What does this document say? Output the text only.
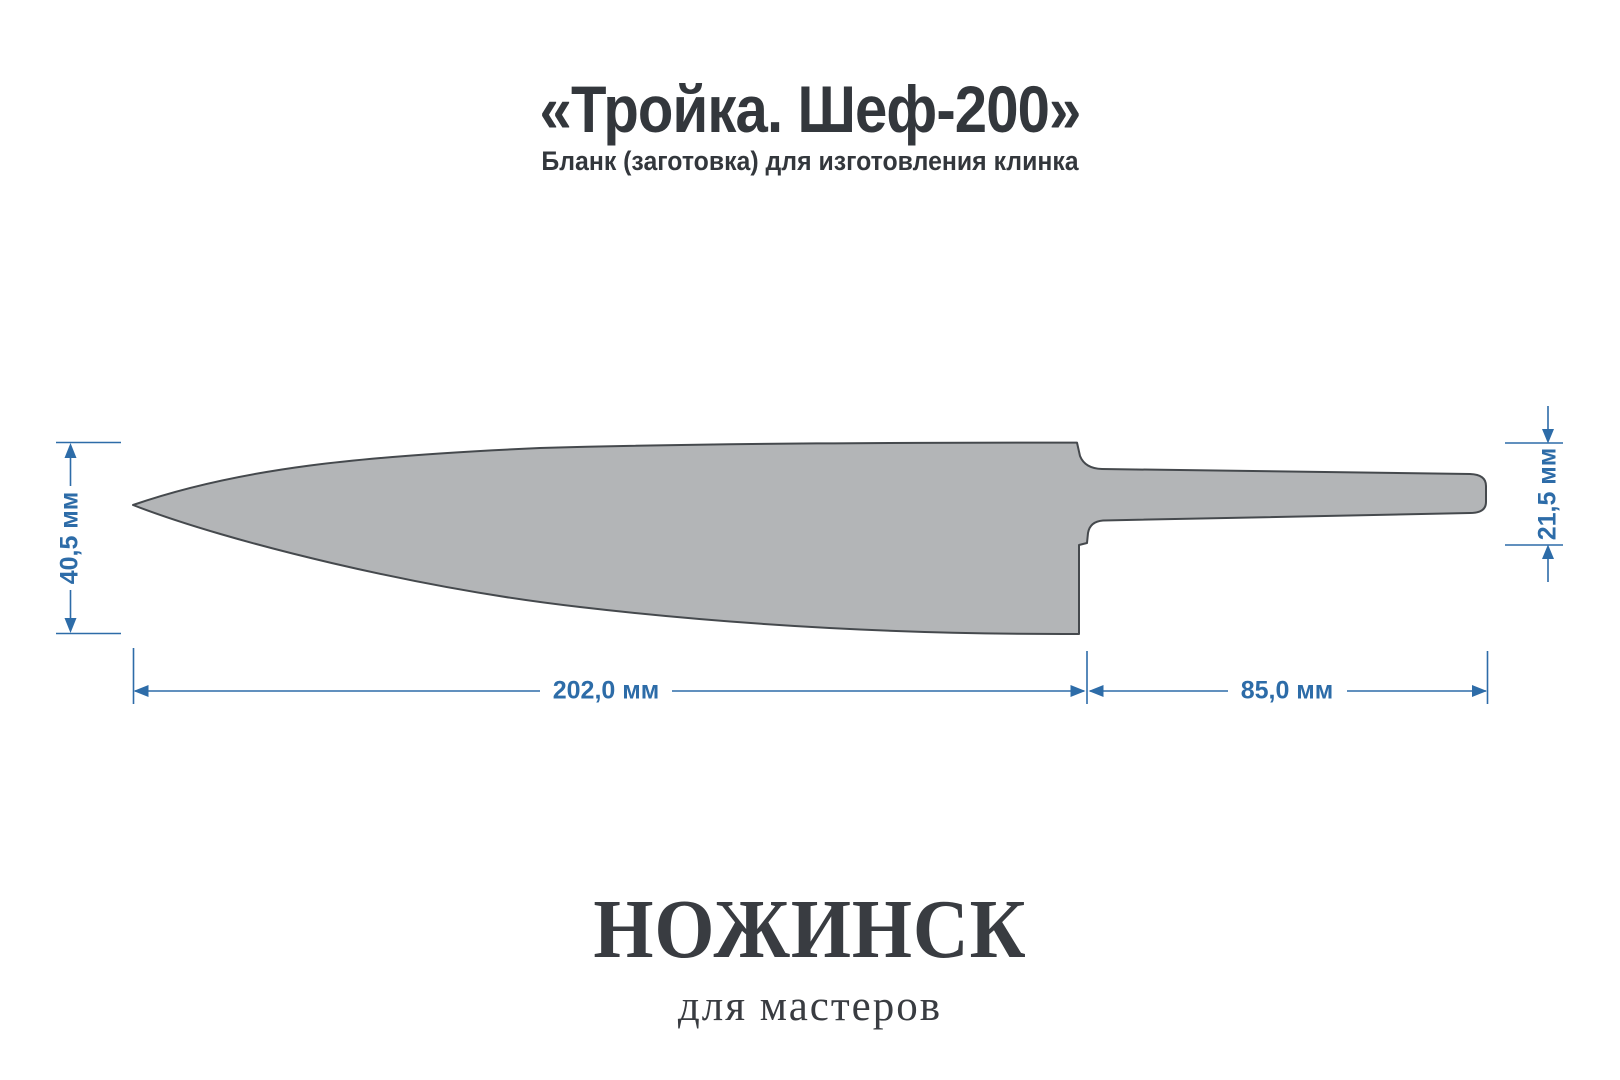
«Тройка. Шеф-200»
Бланк (заготовка) для изготовления клинка
40,5 мм
202,0 мм	85,0 мм
21,5 мм
НОЖИНСК
для мастеров
